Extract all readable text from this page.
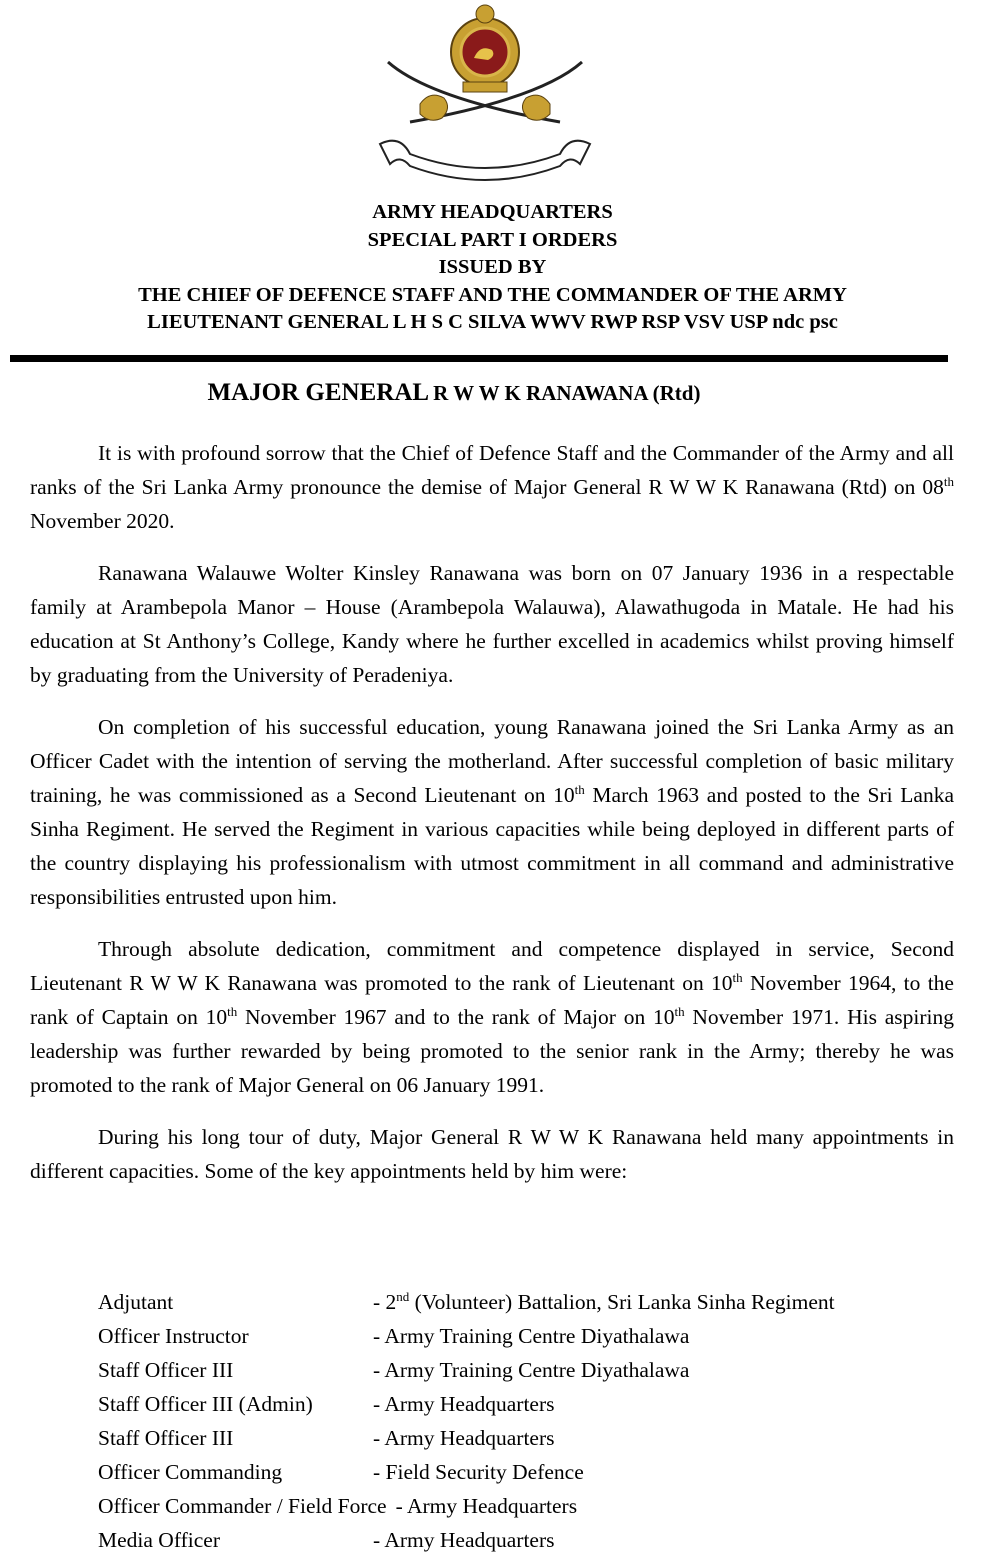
ARMY HEADQUARTERS
SPECIAL PART I ORDERS
ISSUED BY
THE CHIEF OF DEFENCE STAFF AND THE COMMANDER OF THE ARMY
LIEUTENANT GENERAL L H S C SILVA WWV RWP RSP VSV USP ndc psc
MAJOR GENERAL R W W K RANAWANA (Rtd)

It is with profound sorrow that the Chief of Defence Staff and the Commander of the Army and all ranks of the Sri Lanka Army pronounce the demise of Major General R W W K Ranawana (Rtd) on 08th November 2020.

Ranawana Walauwe Wolter Kinsley Ranawana was born on 07 January 1936 in a respectable family at Arambepola Manor – House (Arambepola Walauwa), Alawathugoda in Matale. He had his education at St Anthony’s College, Kandy where he further excelled in academics whilst proving himself by graduating from the University of Peradeniya.

On completion of his successful education, young Ranawana joined the Sri Lanka Army as an Officer Cadet with the intention of serving the motherland. After successful completion of basic military training, he was commissioned as a Second Lieutenant on 10th March 1963 and posted to the Sri Lanka Sinha Regiment. He served the Regiment in various capacities while being deployed in different parts of the country displaying his professionalism with utmost commitment in all command and administrative responsibilities entrusted upon him.

Through absolute dedication, commitment and competence displayed in service, Second Lieutenant R W W K Ranawana was promoted to the rank of Lieutenant on 10th November 1964, to the rank of Captain on 10th November 1967 and to the rank of Major on 10th November 1971. His aspiring leadership was further rewarded by being promoted to the senior rank in the Army; thereby he was promoted to the rank of Major General on 06 January 1991.

During his long tour of duty, Major General R W W K Ranawana held many appointments in different capacities. Some of the key appointments held by him were:

Adjutant	- 2nd (Volunteer) Battalion, Sri Lanka Sinha Regiment
Officer Instructor	- Army Training Centre Diyathalawa
Staff Officer III	- Army Training Centre Diyathalawa
Staff Officer III (Admin)	- Army Headquarters
Staff Officer III	- Army Headquarters
Officer Commanding	- Field Security Defence
Officer Commander / Field Force - Army Headquarters
Media Officer	- Army Headquarters
